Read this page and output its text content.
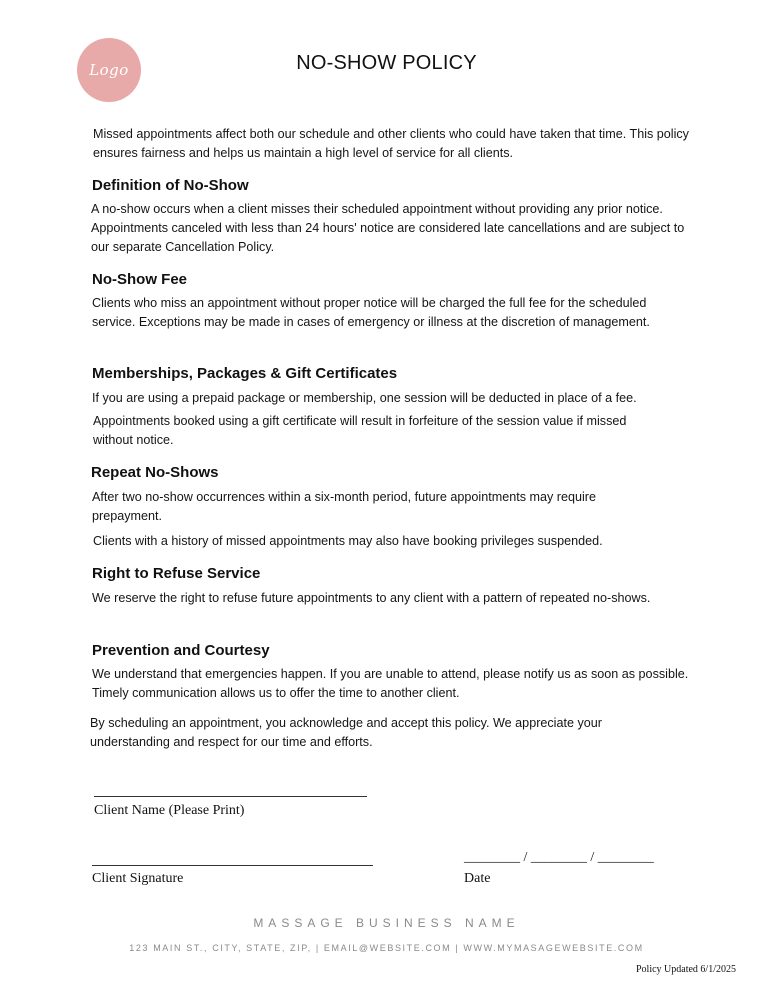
Logo	NO-SHOW POLICY

Missed appointments affect both our schedule and other clients who could have taken that time. This policy ensures fairness and helps us maintain a high level of service for all clients.

Definition of No-Show

A no-show occurs when a client misses their scheduled appointment without providing any prior notice. Appointments canceled with less than 24 hours' notice are considered late cancellations and are subject to our separate Cancellation Policy.

No-Show Fee

Clients who miss an appointment without proper notice will be charged the full fee for the scheduled service. Exceptions may be made in cases of emergency or illness at the discretion of management.

Memberships, Packages & Gift Certificates

If you are using a prepaid package or membership, one session will be deducted in place of a fee.

Appointments booked using a gift certificate will result in forfeiture of the session value if missed without notice.

Repeat No-Shows

After two no-show occurrences within a six-month period, future appointments may require prepayment.

Clients with a history of missed appointments may also have booking privileges suspended.

Right to Refuse Service

We reserve the right to refuse future appointments to any client with a pattern of repeated no-shows.

Prevention and Courtesy

We understand that emergencies happen. If you are unable to attend, please notify us as soon as possible. Timely communication allows us to offer the time to another client.

By scheduling an appointment, you acknowledge and accept this policy. We appreciate your understanding and respect for our time and efforts.

Client Name (Please Print)
Client Signature
________ / ________ / ________
Date
MASSAGE BUSINESS NAME
123 MAIN ST., CITY, STATE, ZIP, | EMAIL@WEBSITE.COM | WWW.MYMASAGEWEBSITE.COM
Policy Updated 6/1/2025
